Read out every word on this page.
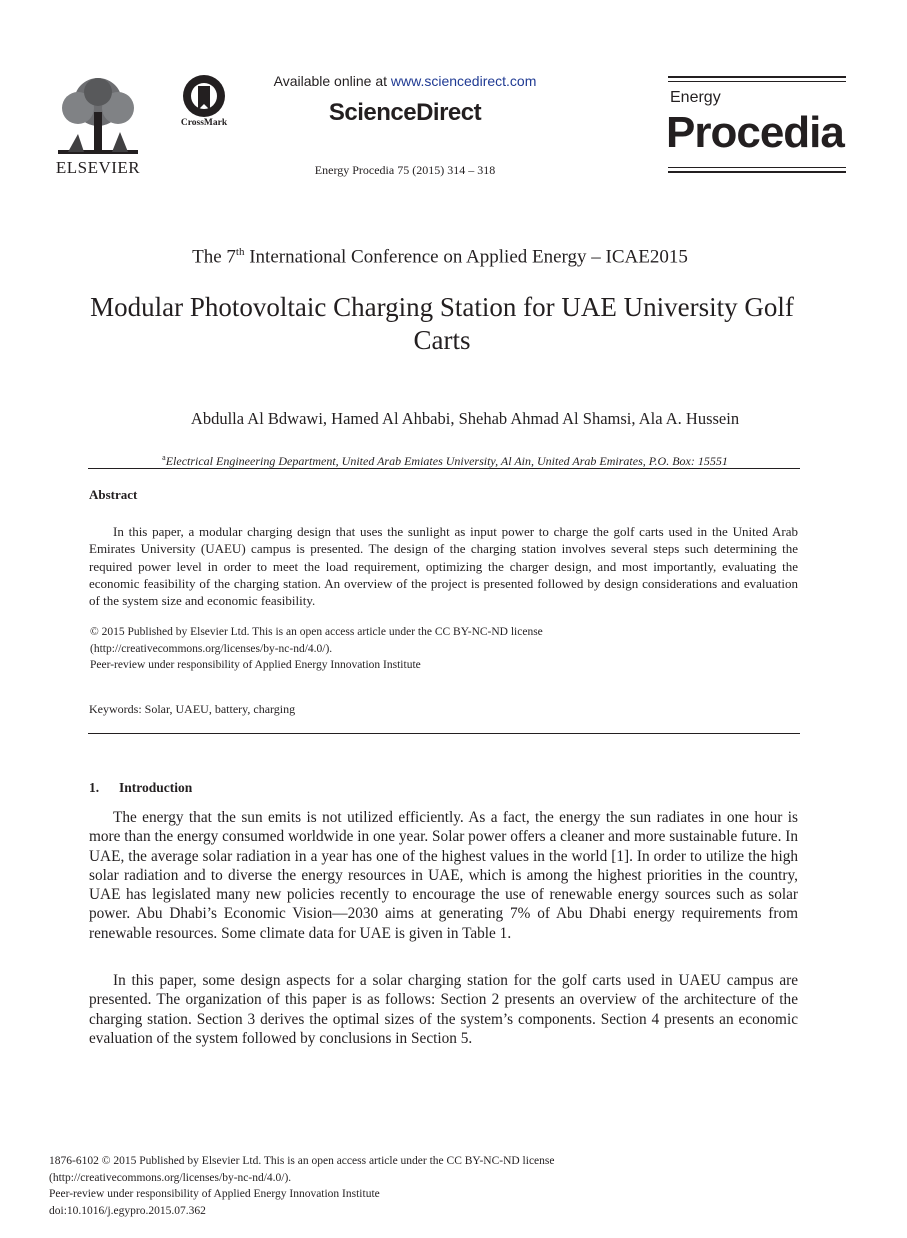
ELSEVIER
CrossMark
Available online at www.sciencedirect.com
ScienceDirect
Energy Procedia 75 (2015) 314 – 318
Energy
Procedia
The 7th International Conference on Applied Energy – ICAE2015
Modular Photovoltaic Charging Station for UAE University Golf Carts
Abdulla Al Bdwawi, Hamed Al Ahbabi, Shehab Ahmad Al Shamsi, Ala A. Hussein
$^a$Electrical Engineering Department, United Arab Emiates University, Al Ain, United Arab Emirates, P.O. Box: 15551
Abstract
In this paper, a modular charging design that uses the sunlight as input power to charge the golf carts used in the United Arab Emirates University (UAEU) campus is presented. The design of the charging station involves several steps such determining the required power level in order to meet the load requirement, optimizing the charger design, and most importantly, evaluating the economic feasibility of the charging station. An overview of the project is presented followed by design considerations and evaluation of the system size and economic feasibility.
© 2015 Published by Elsevier Ltd. This is an open access article under the CC BY-NC-ND license
(http://creativecommons.org/licenses/by-nc-nd/4.0/).
Peer-review under responsibility of Applied Energy Innovation Institute
Keywords: Solar, UAEU, battery, charging
1. Introduction
The energy that the sun emits is not utilized efficiently. As a fact, the energy the sun radiates in one hour is more than the energy consumed worldwide in one year. Solar power offers a cleaner and more sustainable future. In UAE, the average solar radiation in a year has one of the highest values in the world [1]. In order to utilize the high solar radiation and to diverse the energy resources in UAE, which is among the highest priorities in the country, UAE has legislated many new policies recently to encourage the use of renewable energy sources such as solar power. Abu Dhabi’s Economic Vision—2030 aims at generating 7% of Abu Dhabi energy requirements from renewable resources. Some climate data for UAE is given in Table 1.
In this paper, some design aspects for a solar charging station for the golf carts used in UAEU campus are presented. The organization of this paper is as follows: Section 2 presents an overview of the architecture of the charging station. Section 3 derives the optimal sizes of the system’s components. Section 4 presents an economic evaluation of the system followed by conclusions in Section 5.
1876-6102 © 2015 Published by Elsevier Ltd. This is an open access article under the CC BY-NC-ND license
(http://creativecommons.org/licenses/by-nc-nd/4.0/).
Peer-review under responsibility of Applied Energy Innovation Institute
doi:10.1016/j.egypro.2015.07.362
